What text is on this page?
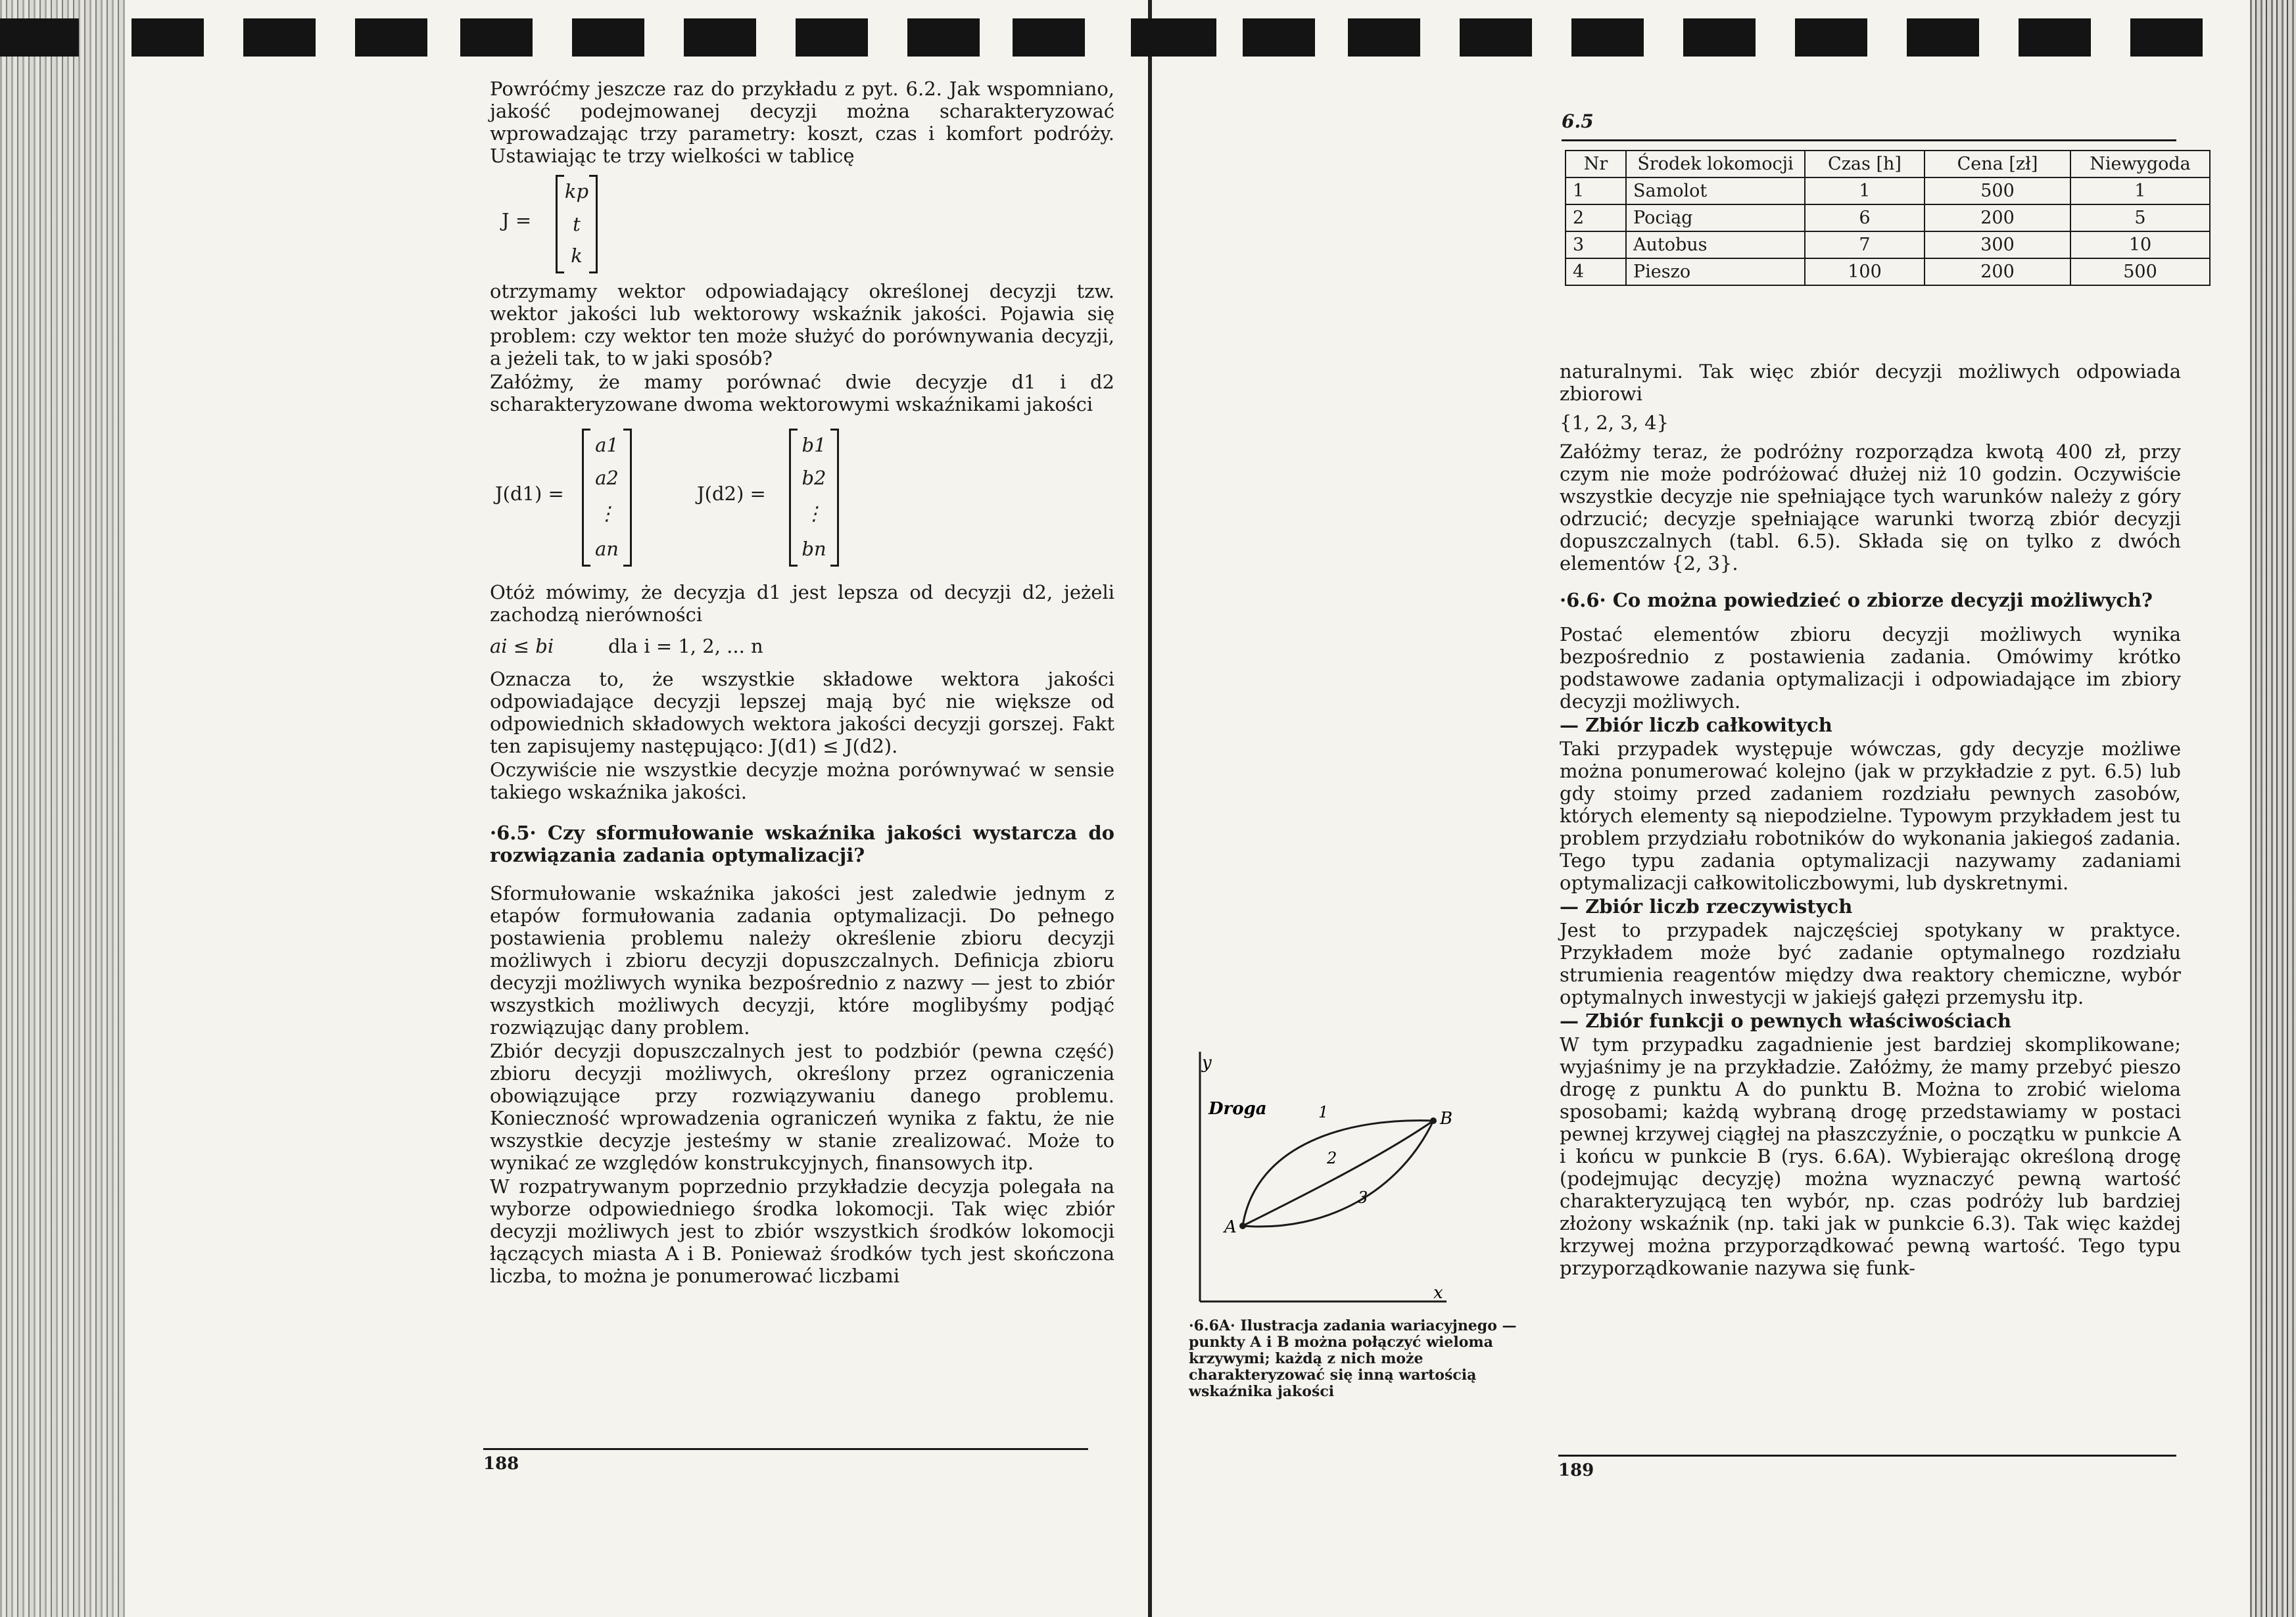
Powróćmy jeszcze raz do przykładu z pyt. 6.2. Jak wspomniano, jakość podejmowanej decyzji można scharakteryzować wprowadzając trzy parametry: koszt, czas i komfort podróży. Ustawiając te trzy wielkości w tablicę

J =
kp
t
k

otrzymamy wektor odpowiadający określonej decyzji tzw. wektor jakości lub wektorowy wskaźnik jakości. Pojawia się problem: czy wektor ten może służyć do porównywania decyzji, a jeżeli tak, to w jaki sposób?

Załóżmy, że mamy porównać dwie decyzje d1 i d2 scharakteryzowane dwoma wektorowymi wskaźnikami jakości

J(d1) =
a1
a2
⋮
an
J(d2) =
b1
b2
⋮
bn

Otóż mówimy, że decyzja d1 jest lepsza od decyzji d2, jeżeli zachodzą nierówności

ai ≤ bi	dla i = 1, 2, ... n

Oznacza to, że wszystkie składowe wektora jakości odpowiadające decyzji lepszej mają być nie większe od odpowiednich składowych wektora jakości decyzji gorszej. Fakt ten zapisujemy następująco: J(d1) ≤ J(d2).

Oczywiście nie wszystkie decyzje można porównywać w sensie takiego wskaźnika jakości.

·6.5· Czy sformułowanie wskaźnika jakości wystarcza do rozwiązania zadania optymalizacji?

Sformułowanie wskaźnika jakości jest zaledwie jednym z etapów formułowania zadania optymalizacji. Do pełnego postawienia problemu należy określenie zbioru decyzji możliwych i zbioru decyzji dopuszczalnych. Definicja zbioru decyzji możliwych wynika bezpośrednio z nazwy — jest to zbiór wszystkich możliwych decyzji, które moglibyśmy podjąć rozwiązując dany problem.

Zbiór decyzji dopuszczalnych jest to podzbiór (pewna część) zbioru decyzji możliwych, określony przez ograniczenia obowiązujące przy rozwiązywaniu danego problemu. Konieczność wprowadzenia ograniczeń wynika z faktu, że nie wszystkie decyzje jesteśmy w stanie zrealizować. Może to wynikać ze względów konstrukcyjnych, finansowych itp.

W rozpatrywanym poprzednio przykładzie decyzja polegała na wyborze odpowiedniego środka lokomocji. Tak więc zbiór decyzji możliwych jest to zbiór wszystkich środków lokomocji łączących miasta A i B. Ponieważ środków tych jest skończona liczba, to można je ponumerować liczbami

188
y
x
Droga
A
B
1
2
3
·6.6A· Ilustracja zadania wariacyjnego — punkty A i B można połączyć wieloma krzywymi; każdą z nich może charakteryzować się inną wartością wskaźnika jakości
6.5
Nr	Środek lokomocji	Czas [h]	Cena [zł]	Niewygoda
1	Samolot	1	500	1
2	Pociąg	6	200	5
3	Autobus	7	300	10
4	Pieszo	100	200	500

naturalnymi. Tak więc zbiór decyzji możliwych odpowiada zbiorowi

{1, 2, 3, 4}

Załóżmy teraz, że podróżny rozporządza kwotą 400 zł, przy czym nie może podróżować dłużej niż 10 godzin. Oczywiście wszystkie decyzje nie spełniające tych warunków należy z góry odrzucić; decyzje spełniające warunki tworzą zbiór decyzji dopuszczalnych (tabl. 6.5). Składa się on tylko z dwóch elementów {2, 3}.

·6.6· Co można powiedzieć o zbiorze decyzji możliwych?

Postać elementów zbioru decyzji możliwych wynika bezpośrednio z postawienia zadania. Omówimy krótko podstawowe zadania optymalizacji i odpowiadające im zbiory decyzji możliwych.

— Zbiór liczb całkowitych

Taki przypadek występuje wówczas, gdy decyzje możliwe można ponumerować kolejno (jak w przykładzie z pyt. 6.5) lub gdy stoimy przed zadaniem rozdziału pewnych zasobów, których elementy są niepodzielne. Typowym przykładem jest tu problem przydziału robotników do wykonania jakiegoś zadania. Tego typu zadania optymalizacji nazywamy zadaniami optymalizacji całkowitoliczbowymi, lub dyskretnymi.

— Zbiór liczb rzeczywistych

Jest to przypadek najczęściej spotykany w praktyce. Przykładem może być zadanie optymalnego rozdziału strumienia reagentów między dwa reaktory chemiczne, wybór optymalnych inwestycji w jakiejś gałęzi przemysłu itp.

— Zbiór funkcji o pewnych właściwościach

W tym przypadku zagadnienie jest bardziej skomplikowane; wyjaśnimy je na przykładzie. Załóżmy, że mamy przebyć pieszo drogę z punktu A do punktu B. Można to zrobić wieloma sposobami; każdą wybraną drogę przedstawiamy w postaci pewnej krzywej ciągłej na płaszczyźnie, o początku w punkcie A i końcu w punkcie B (rys. 6.6A). Wybierając określoną drogę (podejmując decyzję) można wyznaczyć pewną wartość charakteryzującą ten wybór, np. czas podróży lub bardziej złożony wskaźnik (np. taki jak w punkcie 6.3). Tak więc każdej krzywej można przyporządkować pewną wartość. Tego typu przyporządkowanie nazywa się funk-

189
